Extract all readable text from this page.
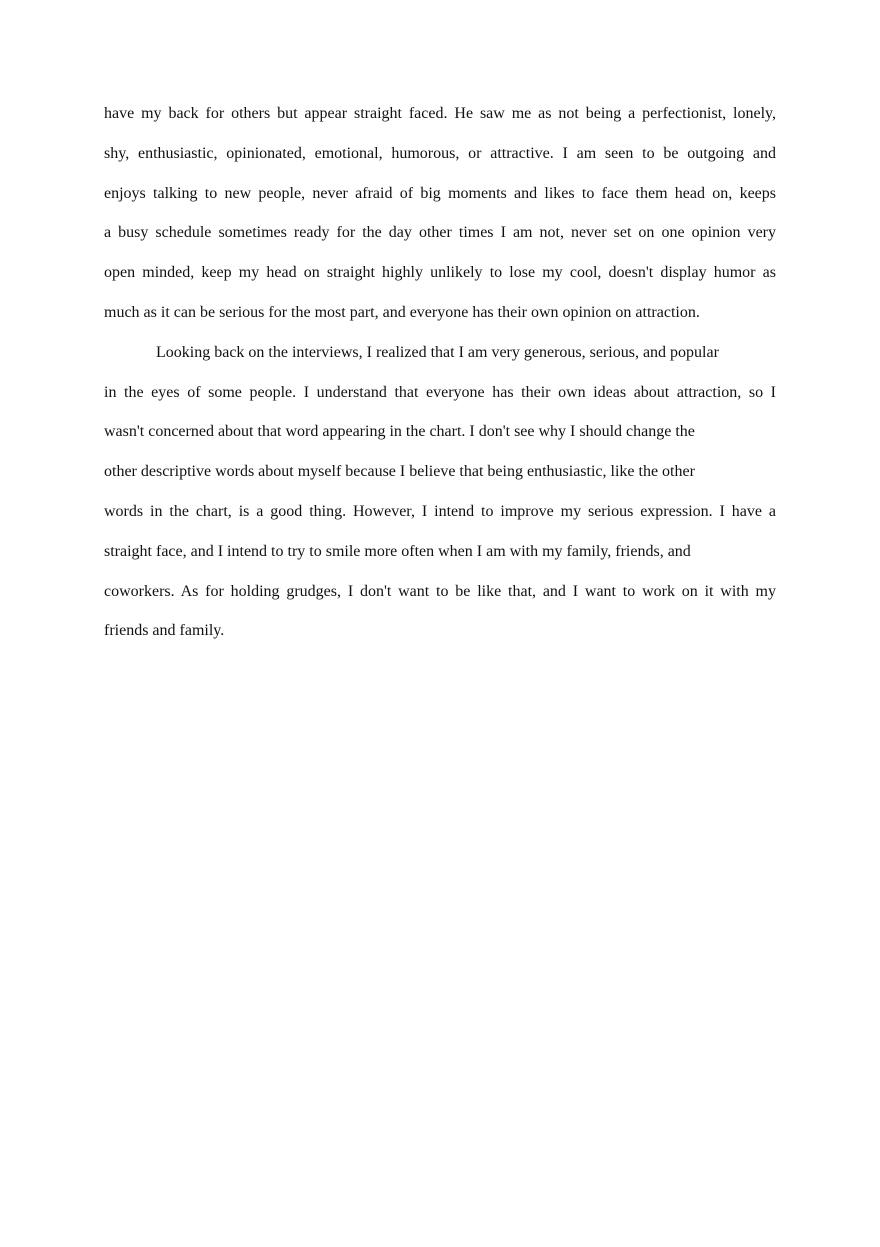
have my back for others but appear straight faced. He saw me as not being a perfectionist, lonely,
shy, enthusiastic, opinionated, emotional, humorous, or attractive. I am seen to be outgoing and
enjoys talking to new people, never afraid of big moments and likes to face them head on, keeps
a busy schedule sometimes ready for the day other times I am not, never set on one opinion very
open minded, keep my head on straight highly unlikely to lose my cool, doesn't display humor as
much as it can be serious for the most part, and everyone has their own opinion on attraction.
Looking back on the interviews, I realized that I am very generous, serious, and popular
in the eyes of some people. I understand that everyone has their own ideas about attraction, so I
wasn't concerned about that word appearing in the chart. I don't see why I should change the
other descriptive words about myself because I believe that being enthusiastic, like the other
words in the chart, is a good thing. However, I intend to improve my serious expression. I have a
straight face, and I intend to try to smile more often when I am with my family, friends, and
coworkers. As for holding grudges, I don't want to be like that, and I want to work on it with my
friends and family.
